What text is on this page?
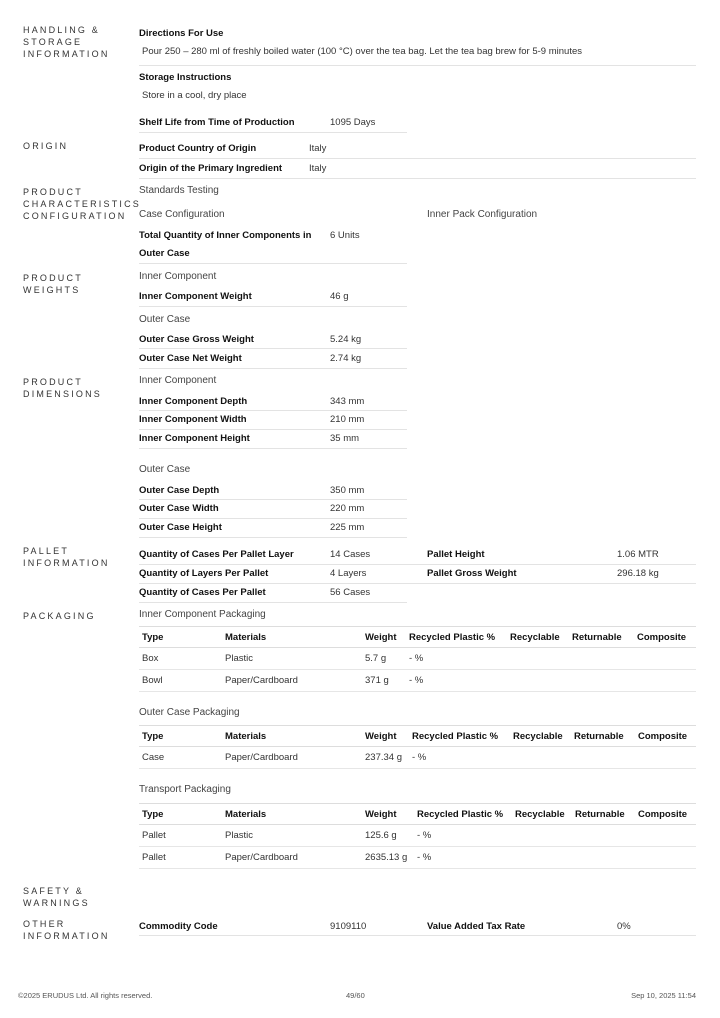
HANDLING & STORAGE INFORMATION
ORIGIN
PRODUCT CHARACTERISTICS CONFIGURATION
PRODUCT WEIGHTS
PRODUCT DIMENSIONS
PALLET INFORMATION
PACKAGING
SAFETY & WARNINGS
OTHER INFORMATION
Directions For Use
Pour 250 – 280 ml of freshly boiled water (100 °C) over the tea bag. Let the tea bag brew for 5-9 minutes
Storage Instructions
Store in a cool, dry place
Shelf Life from Time of Production	1095 Days
Product Country of Origin	Italy
Origin of the Primary Ingredient	Italy
Standards Testing
Case Configuration	Inner Pack Configuration
Total Quantity of Inner Components in
Outer Case
6 Units
Inner Component
Inner Component Weight	46 g
Outer Case
Outer Case Gross Weight	5.24 kg
Outer Case Net Weight	2.74 kg
Inner Component
Inner Component Depth	343 mm
Inner Component Width	210 mm
Inner Component Height	35 mm
Outer Case
Outer Case Depth	350 mm
Outer Case Width	220 mm
Outer Case Height	225 mm
Quantity of Cases Per Pallet Layer	14 Cases	Pallet Height	1.06 MTR
Quantity of Layers Per Pallet	4 Layers	Pallet Gross Weight	296.18 kg
Quantity of Cases Per Pallet	56 Cases
Inner Component Packaging
Type	Materials	Weight	Recycled Plastic %	Recyclable	Returnable	Composite
Box	Plastic	5.7 g	- %			
Bowl	Paper/Cardboard	371 g	- %			
Outer Case Packaging
Type	Materials	Weight	Recycled Plastic %	Recyclable	Returnable	Composite
Case	Paper/Cardboard	237.34 g	- %			
Transport Packaging
Type	Materials	Weight	Recycled Plastic %	Recyclable	Returnable	Composite
Pallet	Plastic	125.6 g	- %			
Pallet	Paper/Cardboard	2635.13 g	- %			
Commodity Code	9109110	Value Added Tax Rate	0%
©2025 ERUDUS Ltd. All rights reserved.	49/60	Sep 10, 2025 11:54
